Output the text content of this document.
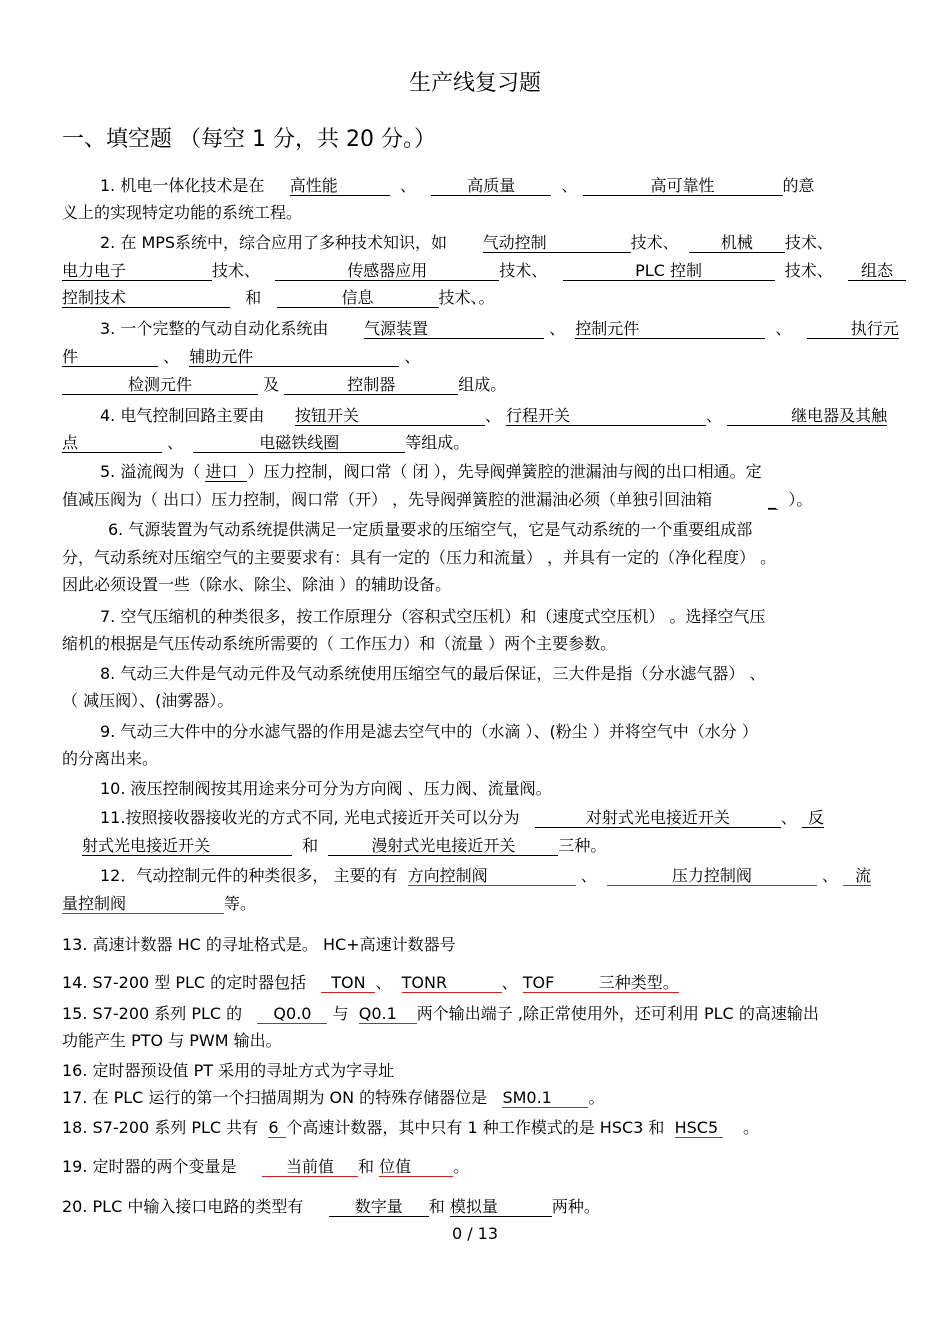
生产线复习题
一、填空题 （每空 1 分，共 20 分。）
1. 机电一体化技术是在 高性能	、	高质量	、	高可靠性	的意
义上的实现特定功能的系统工程。
2. 在 MPS系统中，综合应用了多种技术知识，如 气动控制	技术、	机械 技术、
电力电子	技术、	传感器应用	技术、	PLC 控制	技术、 组态
控制技术	和	信息	技术、。
3. 一个完整的气动自动化系统由 气源装置	、 控制元件	、	执行元
件	、 辅助元件	、
检测元件	及	控制器	组成。
4. 电气控制回路主要由 按钮开关	、 行程开关	、	继电器及其触
点	、	电磁铁线圈	等组成。
5. 溢流阀为（ 进口 ）压力控制，阀口常（ 闭 ），先导阀弹簧腔的泄漏油与阀的出口相通。定
值减压阀为（ 出口）压力控制，阀口常（开） ，先导阀弹簧腔的泄漏油必须（单独引回油箱	_ ）。
6. 气源装置为气动系统提供满足一定质量要求的压缩空气，它是气动系统的一个重要组成部
分，气动系统对压缩空气的主要要求有：具有一定的（压力和流量） ，并具有一定的（净化程度） 。
因此必须设置一些（除水、除尘、除油 ）的辅助设备。
7. 空气压缩机的种类很多，按工作原理分（容积式空压机）和（速度式空压机） 。选择空气压
缩机的根据是气压传动系统所需要的（ 工作压力）和（流量 ）两个主要参数。
8. 气动三大件是气动元件及气动系统使用压缩空气的最后保证，三大件是指（分水滤气器） 、
（ 减压阀）、(油雾器）。
9. 气动三大件中的分水滤气器的作用是滤去空气中的（水滴 ）、(粉尘 ）并将空气中（水分 ）
的分离出来。
10. 液压控制阀按其用途来分可分为方向阀 、压力阀、流量阀。
11.按照接收器接收光的方式不同, 光电式接近开关可以分为	对射式光电接近开关	、 反
射式光电接近开关	和	漫射式光电接近开关	三种。
12．气动控制元件的种类很多， 主要的有 方向控制阀	、	压力控制阀	、 流
量控制阀	等。
13. 高速计数器 HC 的寻址格式是。 HC+高速计数器号
14. S7-200 型 PLC 的定时器包括 TON 、 TONR	、 TOF	三种类型。
15. S7-200 系列 PLC 的 Q0.0 与 Q0.1 两个输出端子 ,除正常使用外，还可利用 PLC 的高速输出
功能产生 PTO 与 PWM 输出。
16. 定时器预设值 PT 采用的寻址方式为字寻址
17. 在 PLC 运行的第一个扫描周期为 ON 的特殊存储器位是 SM0.1 。
18. S7-200 系列 PLC 共有 6 个高速计数器，其中只有 1 种工作模式的是 HSC3 和 HSC5 。
19. 定时器的两个变量是	当前值 和 位值	。
20. PLC 中输入接口电路的类型有	数字量 和 模拟量	两种。
0 / 13
